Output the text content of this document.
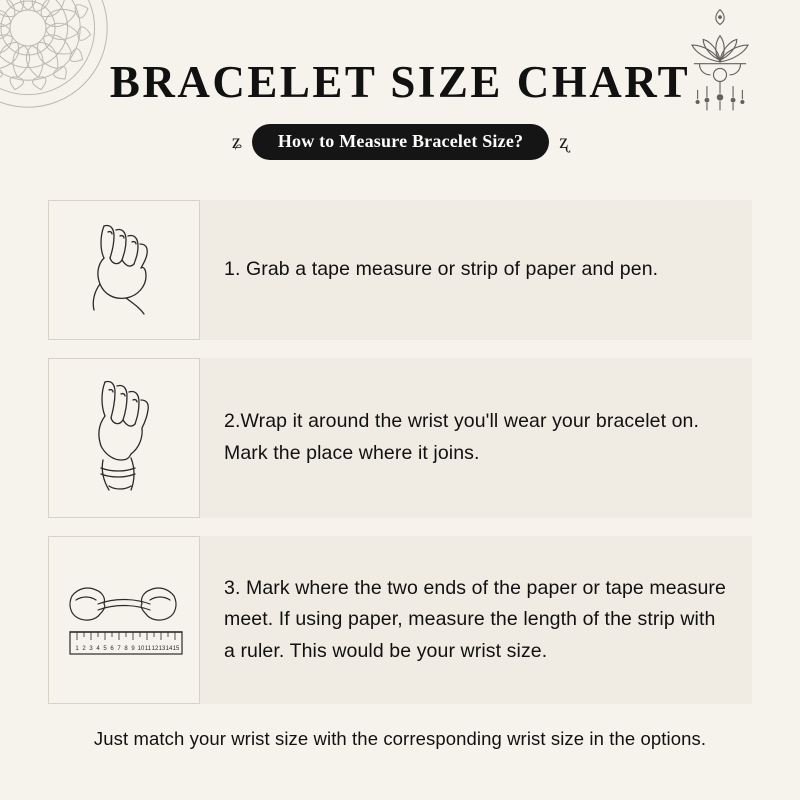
BRACELET SIZE CHART
ʑ	How to Measure Bracelet Size?	ʐ
1. Grab a tape measure or strip of paper and pen.
2.Wrap it around the wrist you'll wear your bracelet on. Mark the place where it joins.
1 2 3 4 5 6 7 8 9 10 11 12 13 14 15
3. Mark where the two ends of the paper or tape measure meet. If using paper, measure the length of the strip with a ruler. This would be your wrist size.
Just match your wrist size with the corresponding wrist size in the options.
